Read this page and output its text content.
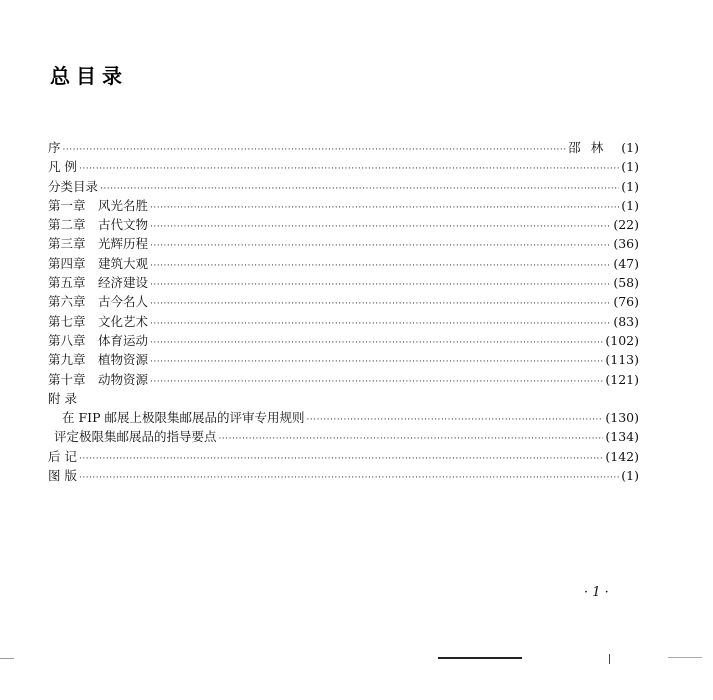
总目录
序 ·····	邵林 (1)
凡 例 ·····	(1)
分类目录 ·····	(1)
第一章　风光名胜 ·····	(1)
第二章　古代文物 ·····	(22)
第三章　光辉历程 ·····	(36)
第四章　建筑大观 ·····	(47)
第五章　经济建设 ·····	(58)
第六章　古今名人 ·····	(76)
第七章　文化艺术 ·····	(83)
第八章　体育运动 ·····	(102)
第九章　植物资源 ·····	(113)
第十章　动物资源 ·····	(121)
附 录
在 FIP 邮展上极限集邮展品的评审专用规则 ·····	(130)
评定极限集邮展品的指导要点 ·····	(134)
后 记 ·····	(142)
图 版 ·····	(1)
· 1 ·
